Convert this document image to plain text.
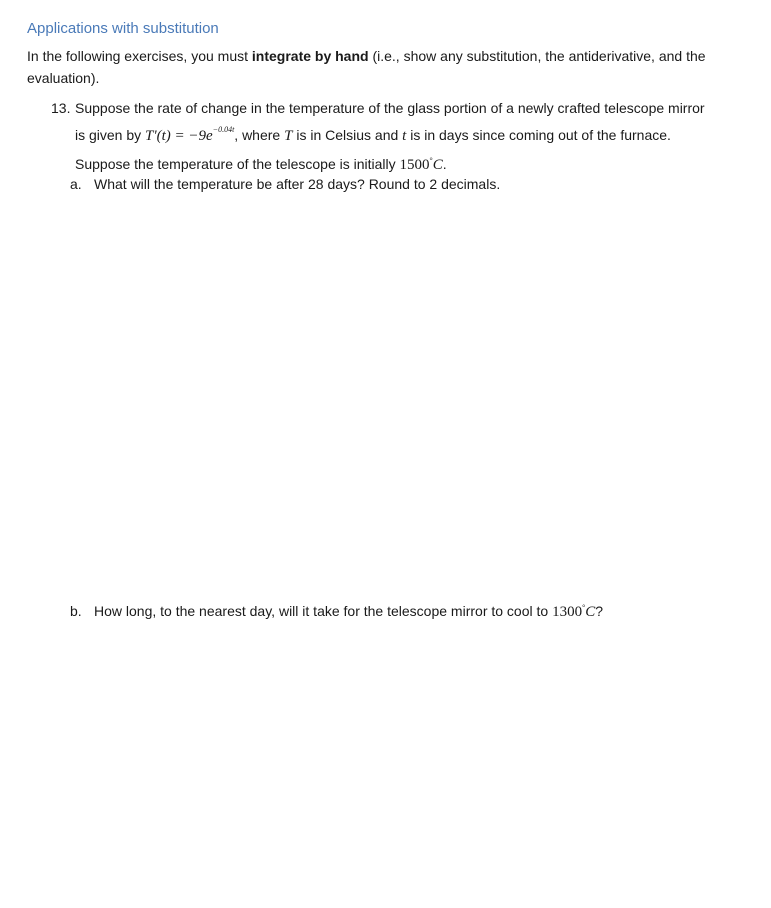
Applications with substitution
In the following exercises, you must integrate by hand (i.e., show any substitution, the antiderivative, and the evaluation).
13. Suppose the rate of change in the temperature of the glass portion of a newly crafted telescope mirror
is given by $T'(t) = -9e^{-0.04t}$, where T is in Celsius and t is in days since coming out of the furnace.
Suppose the temperature of the telescope is initially 1500°C.
a. What will the temperature be after 28 days? Round to 2 decimals.
b. How long, to the nearest day, will it take for the telescope mirror to cool to 1300°C?
